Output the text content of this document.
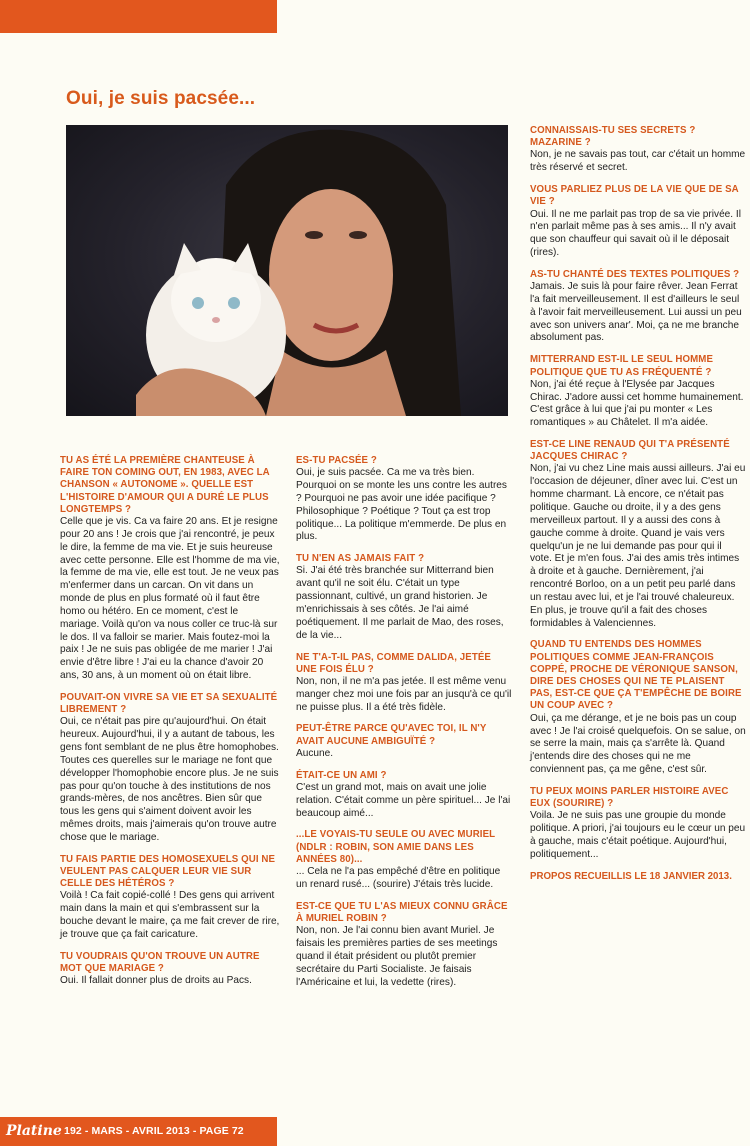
Oui, je suis pacsée...
TU AS ÉTÉ LA PREMIÈRE CHANTEUSE À FAIRE TON COMING OUT, EN 1983, AVEC LA CHANSON « AUTONOME ». QUELLE EST L'HISTOIRE D'AMOUR QUI A DURÉ LE PLUS LONGTEMPS ?
Celle que je vis. Ca va faire 20 ans. Et je resigne pour 20 ans ! Je crois que j'ai rencontré, je peux le dire, la femme de ma vie. Et je suis heureuse avec cette personne. Elle est l'homme de ma vie, la femme de ma vie, elle est tout. Je ne veux pas m'enfermer dans un carcan. On vit dans un monde de plus en plus formaté où il faut être homo ou hétéro. En ce moment, c'est le mariage. Voilà qu'on va nous coller ce truc-là sur le dos. Il va falloir se marier. Mais foutez-moi la paix ! Je ne suis pas obligée de me marier ! J'ai envie d'être libre ! J'ai eu la chance d'avoir 20 ans, 30 ans, à un moment où on était libre.
POUVAIT-ON VIVRE SA VIE ET SA SEXUALITÉ LIBREMENT ?
Oui, ce n'était pas pire qu'aujourd'hui. On était heureux. Aujourd'hui, il y a autant de tabous, les gens font semblant de ne plus être homophobes. Toutes ces querelles sur le mariage ne font que développer l'homophobie encore plus. Je ne suis pas pour qu'on touche à des institutions de nos grands-mères, de nos ancêtres. Bien sûr que tous les gens qui s'aiment doivent avoir les mêmes droits, mais j'aimerais qu'on trouve autre chose que le mariage.
TU FAIS PARTIE DES HOMOSEXUELS QUI NE VEULENT PAS CALQUER LEUR VIE SUR CELLE DES HÉTÉROS ?
Voilà ! Ca fait copié-collé ! Des gens qui arrivent main dans la main et qui s'embrassent sur la bouche devant le maire, ça me fait crever de rire, je trouve que ça fait caricature.
TU VOUDRAIS QU'ON TROUVE UN AUTRE MOT QUE MARIAGE ?
Oui. Il fallait donner plus de droits au Pacs.
ES-TU PACSÉE ?
Oui, je suis pacsée. Ca me va très bien. Pourquoi on se monte les uns contre les autres ? Pourquoi ne pas avoir une idée pacifique ? Philosophique ? Poétique ? Tout ça est trop politique... La politique m'emmerde. De plus en plus.
TU N'EN AS JAMAIS FAIT ?
Si. J'ai été très branchée sur Mitterrand bien avant qu'il ne soit élu. C'était un type passionnant, cultivé, un grand historien. Je m'enrichissais à ses côtés. Je l'ai aimé poétiquement. Il me parlait de Mao, des roses, de la vie...
NE T'A-T-IL PAS, COMME DALIDA, JETÉE UNE FOIS ÉLU ?
Non, non, il ne m'a pas jetée. Il est même venu manger chez moi une fois par an jusqu'à ce qu'il ne puisse plus. Il a été très fidèle.
PEUT-ÊTRE PARCE QU'AVEC TOI, IL N'Y AVAIT AUCUNE AMBIGUÏTÉ ?
Aucune.
ÉTAIT-CE UN AMI ?
C'est un grand mot, mais on avait une jolie relation. C'était comme un père spirituel... Je l'ai beaucoup aimé...
...LE VOYAIS-TU SEULE OU AVEC MURIEL (NDLR : ROBIN, SON AMIE DANS LES ANNÉES 80)...
... Cela ne l'a pas empêché d'être en politique un renard rusé... (sourire) J'étais très lucide.
EST-CE QUE TU L'AS MIEUX CONNU GRÂCE À MURIEL ROBIN ?
Non, non. Je l'ai connu bien avant Muriel. Je faisais les premières parties de ses meetings quand il était président ou plutôt premier secrétaire du Parti Socialiste. Je faisais l'Américaine et lui, la vedette (rires).
CONNAISSAIS-TU SES SECRETS ? MAZARINE ?
Non, je ne savais pas tout, car c'était un homme très réservé et secret.
VOUS PARLIEZ PLUS DE LA VIE QUE DE SA VIE ?
Oui. Il ne me parlait pas trop de sa vie privée. Il n'en parlait même pas à ses amis... Il n'y avait que son chauffeur qui savait où il le déposait (rires).
AS-TU CHANTÉ DES TEXTES POLITIQUES ?
Jamais. Je suis là pour faire rêver. Jean Ferrat l'a fait merveilleusement. Il est d'ailleurs le seul à l'avoir fait merveilleusement. Lui aussi un peu avec son univers anar'. Moi, ça ne me branche absolument pas.
MITTERRAND EST-IL LE SEUL HOMME POLITIQUE QUE TU AS FRÉQUENTÉ ?
Non, j'ai été reçue à l'Elysée par Jacques Chirac. J'adore aussi cet homme humainement. C'est grâce à lui que j'ai pu monter « Les romantiques » au Châtelet. Il m'a aidée.
EST-CE LINE RENAUD QUI T'A PRÉSENTÉ JACQUES CHIRAC ?
Non, j'ai vu chez Line mais aussi ailleurs. J'ai eu l'occasion de déjeuner, dîner avec lui. C'est un homme charmant. Là encore, ce n'était pas politique. Gauche ou droite, il y a des gens merveilleux partout. Il y a aussi des cons à gauche comme à droite. Quand je vais vers quelqu'un je ne lui demande pas pour qui il vote. Et je m'en fous. J'ai des amis très intimes à droite et à gauche. Dernièrement, j'ai rencontré Borloo, on a un petit peu parlé dans un restau avec lui, et je l'ai trouvé chaleureux. En plus, je trouve qu'il a fait des choses formidables à Valenciennes.
QUAND TU ENTENDS DES HOMMES POLITIQUES COMME JEAN-FRANÇOIS COPPÉ, PROCHE DE VÉRONIQUE SANSON, DIRE DES CHOSES QUI NE TE PLAISENT PAS, EST-CE QUE ÇA T'EMPÊCHE DE BOIRE UN COUP AVEC ?
Oui, ça me dérange, et je ne bois pas un coup avec ! Je l'ai croisé quelquefois. On se salue, on se serre la main, mais ça s'arrête là. Quand j'entends dire des choses qui ne me conviennent pas, ça me gêne, c'est sûr.
TU PEUX MOINS PARLER HISTOIRE AVEC EUX (SOURIRE) ?
Voila. Je ne suis pas une groupie du monde politique. A priori, j'ai toujours eu le cœur un peu à gauche, mais c'était poétique. Aujourd'hui, politiquement...
PROPOS RECUEILLIS LE 18 JANVIER 2013.
Platine 192 - MARS - AVRIL 2013 - PAGE 72
